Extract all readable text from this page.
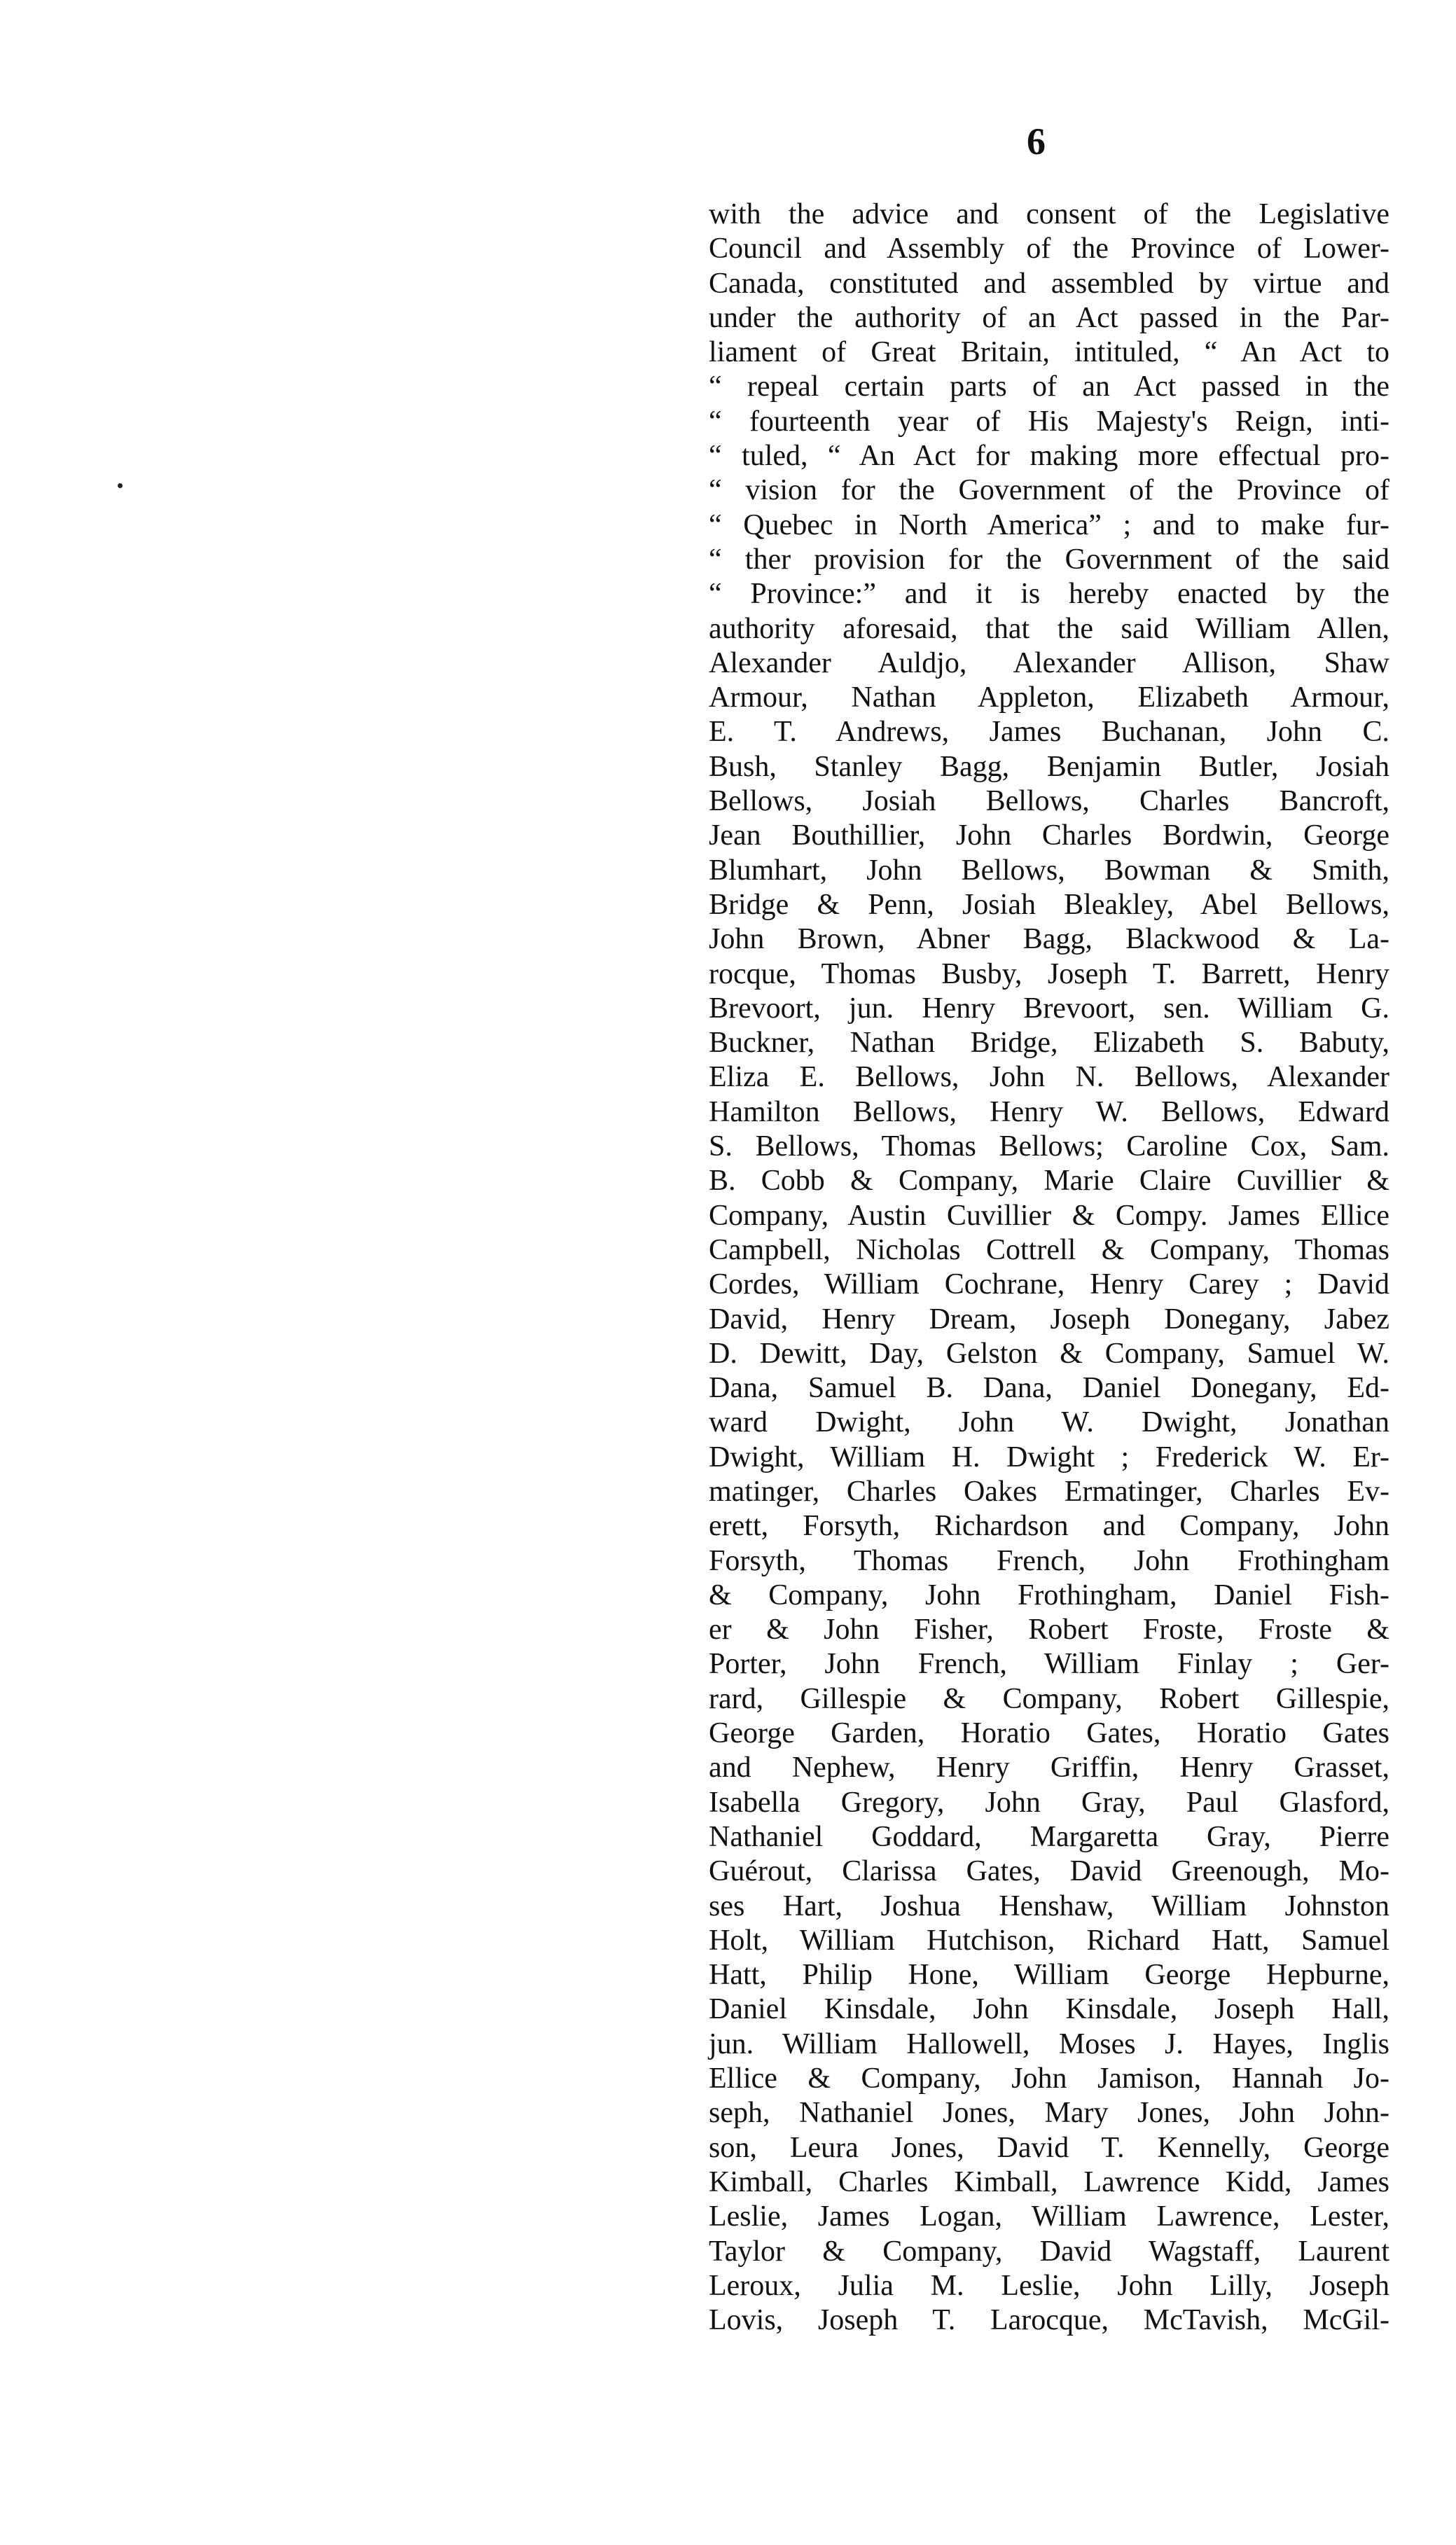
6
with the advice and consent of the Legislative
Council and Assembly of the Province of Lower-
Canada, constituted and assembled by virtue and
under the authority of an Act passed in the Par-
liament of Great Britain, intituled, “ An Act to
“ repeal certain parts of an Act passed in the
“ fourteenth year of His Majesty's Reign, inti-
“ tuled, “ An Act for making more effectual pro-
“ vision for the Government of the Province of
“ Quebec in North America” ; and to make fur-
“ ther provision for the Government of the said
“ Province:” and it is hereby enacted by the
authority aforesaid, that the said William Allen,
Alexander Auldjo, Alexander Allison, Shaw
Armour, Nathan Appleton, Elizabeth Armour,
E. T. Andrews, James Buchanan, John C.
Bush, Stanley Bagg, Benjamin Butler, Josiah
Bellows, Josiah Bellows, Charles Bancroft,
Jean Bouthillier, John Charles Bordwin, George
Blumhart, John Bellows, Bowman & Smith,
Bridge & Penn, Josiah Bleakley, Abel Bellows,
John Brown, Abner Bagg, Blackwood & La-
rocque, Thomas Busby, Joseph T. Barrett, Henry
Brevoort, jun. Henry Brevoort, sen. William G.
Buckner, Nathan Bridge, Elizabeth S. Babuty,
Eliza E. Bellows, John N. Bellows, Alexander
Hamilton Bellows, Henry W. Bellows, Edward
S. Bellows, Thomas Bellows; Caroline Cox, Sam.
B. Cobb & Company, Marie Claire Cuvillier &
Company, Austin Cuvillier & Compy. James Ellice
Campbell, Nicholas Cottrell & Company, Thomas
Cordes, William Cochrane, Henry Carey ; David
David, Henry Dream, Joseph Donegany, Jabez
D. Dewitt, Day, Gelston & Company, Samuel W.
Dana, Samuel B. Dana, Daniel Donegany, Ed-
ward Dwight, John W. Dwight, Jonathan
Dwight, William H. Dwight ; Frederick W. Er-
matinger, Charles Oakes Ermatinger, Charles Ev-
erett, Forsyth, Richardson and Company, John
Forsyth, Thomas French, John Frothingham
& Company, John Frothingham, Daniel Fish-
er & John Fisher, Robert Froste, Froste &
Porter, John French, William Finlay ; Ger-
rard, Gillespie & Company, Robert Gillespie,
George Garden, Horatio Gates, Horatio Gates
and Nephew, Henry Griffin, Henry Grasset,
Isabella Gregory, John Gray, Paul Glasford,
Nathaniel Goddard, Margaretta Gray, Pierre
Guérout, Clarissa Gates, David Greenough, Mo-
ses Hart, Joshua Henshaw, William Johnston
Holt, William Hutchison, Richard Hatt, Samuel
Hatt, Philip Hone, William George Hepburne,
Daniel Kinsdale, John Kinsdale, Joseph Hall,
jun. William Hallowell, Moses J. Hayes, Inglis
Ellice & Company, John Jamison, Hannah Jo-
seph, Nathaniel Jones, Mary Jones, John John-
son, Leura Jones, David T. Kennelly, George
Kimball, Charles Kimball, Lawrence Kidd, James
Leslie, James Logan, William Lawrence, Lester,
Taylor & Company, David Wagstaff, Laurent
Leroux, Julia M. Leslie, John Lilly, Joseph
Lovis, Joseph T. Larocque, McTavish, McGil-
